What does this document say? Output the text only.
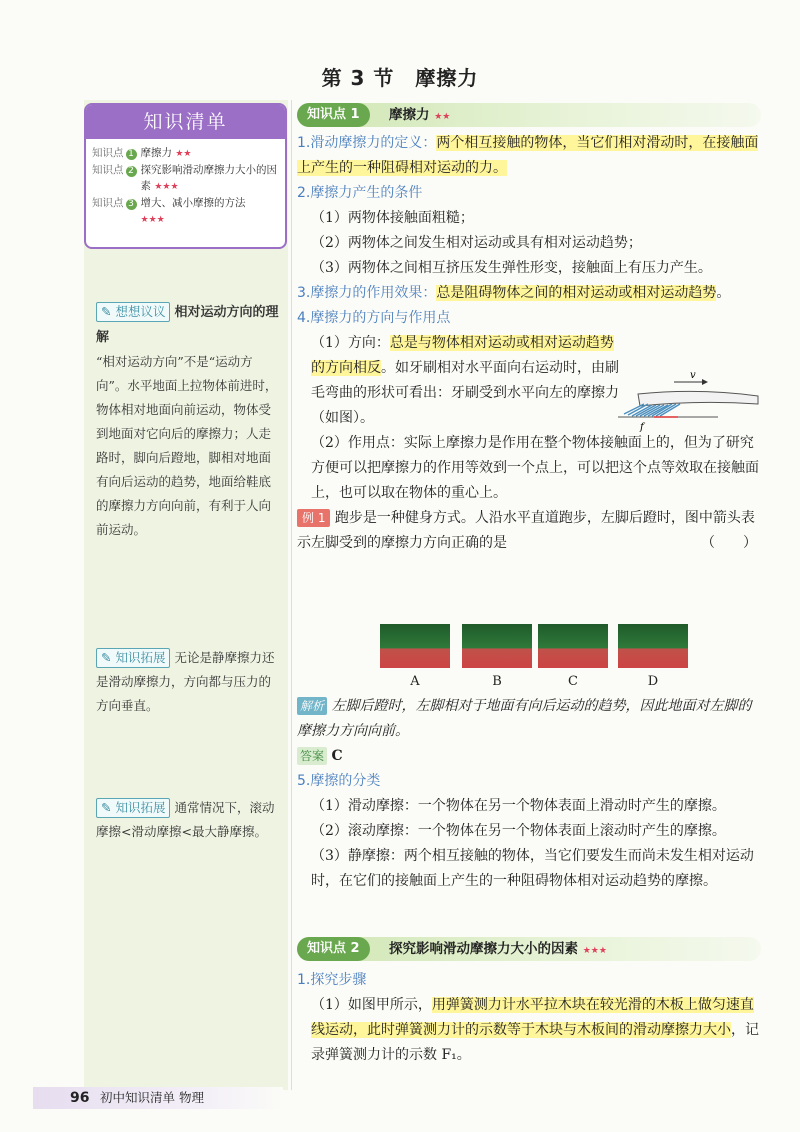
第 3 节　摩擦力
知识清单
知识点 1 摩擦力 ★★
知识点 2 探究影响滑动摩擦力大小的因素 ★★★
知识点 3 增大、减小摩擦的方法
★★★
✎ 想想议议 相对运动方向的理解
“相对运动方向”不是“运动方向”。水平地面上拉物体前进时，物体相对地面向前运动，物体受到地面对它向后的摩擦力；人走路时，脚向后蹬地，脚相对地面有向后运动的趋势，地面给鞋底的摩擦力方向向前，有利于人向前运动。
✎ 知识拓展 无论是静摩擦力还是滑动摩擦力，方向都与压力的方向垂直。
✎ 知识拓展 通常情况下，滚动摩擦<滑动摩擦<最大静摩擦。
知识点 1	摩擦力 ★★
1.滑动摩擦力的定义：两个相互接触的物体，当它们相对滑动时，在接触面上产生的一种阻碍相对运动的力。
2.摩擦力产生的条件
（1）两物体接触面粗糙；
（2）两物体之间发生相对运动或具有相对运动趋势；
（3）两物体之间相互挤压发生弹性形变，接触面上有压力产生。
3.摩擦力的作用效果：总是阻碍物体之间的相对运动或相对运动趋势。
4.摩擦力的方向与作用点
（1）方向：总是与物体相对运动或相对运动趋势的方向相反。如牙刷相对水平面向右运动时，由刷毛弯曲的形状可看出：牙刷受到水平向左的摩擦力（如图）。
（2）作用点：实际上摩擦力是作用在整个物体接触面上的，但为了研究方便可以把摩擦力的作用等效到一个点上，可以把这个点等效取在接触面上，也可以取在物体的重心上。
例 1 跑步是一种健身方式。人沿水平直道跑步，左脚后蹬时，图中箭头表示左脚受到的摩擦力方向正确的是	（　　）
v
f
A	B	C	D
解析 左脚后蹬时，左脚相对于地面有向后运动的趋势，因此地面对左脚的摩擦力方向向前。
答案 C
5.摩擦的分类
（1）滑动摩擦：一个物体在另一个物体表面上滑动时产生的摩擦。
（2）滚动摩擦：一个物体在另一个物体表面上滚动时产生的摩擦。
（3）静摩擦：两个相互接触的物体，当它们要发生而尚未发生相对运动时，在它们的接触面上产生的一种阻碍物体相对运动趋势的摩擦。
知识点 2	探究影响滑动摩擦力大小的因素 ★★★
1.探究步骤
（1）如图甲所示，用弹簧测力计水平拉木块在较光滑的木板上做匀速直线运动，此时弹簧测力计的示数等于木块与木板间的滑动摩擦力大小，记录弹簧测力计的示数 F₁。
96 初中知识清单 物理
